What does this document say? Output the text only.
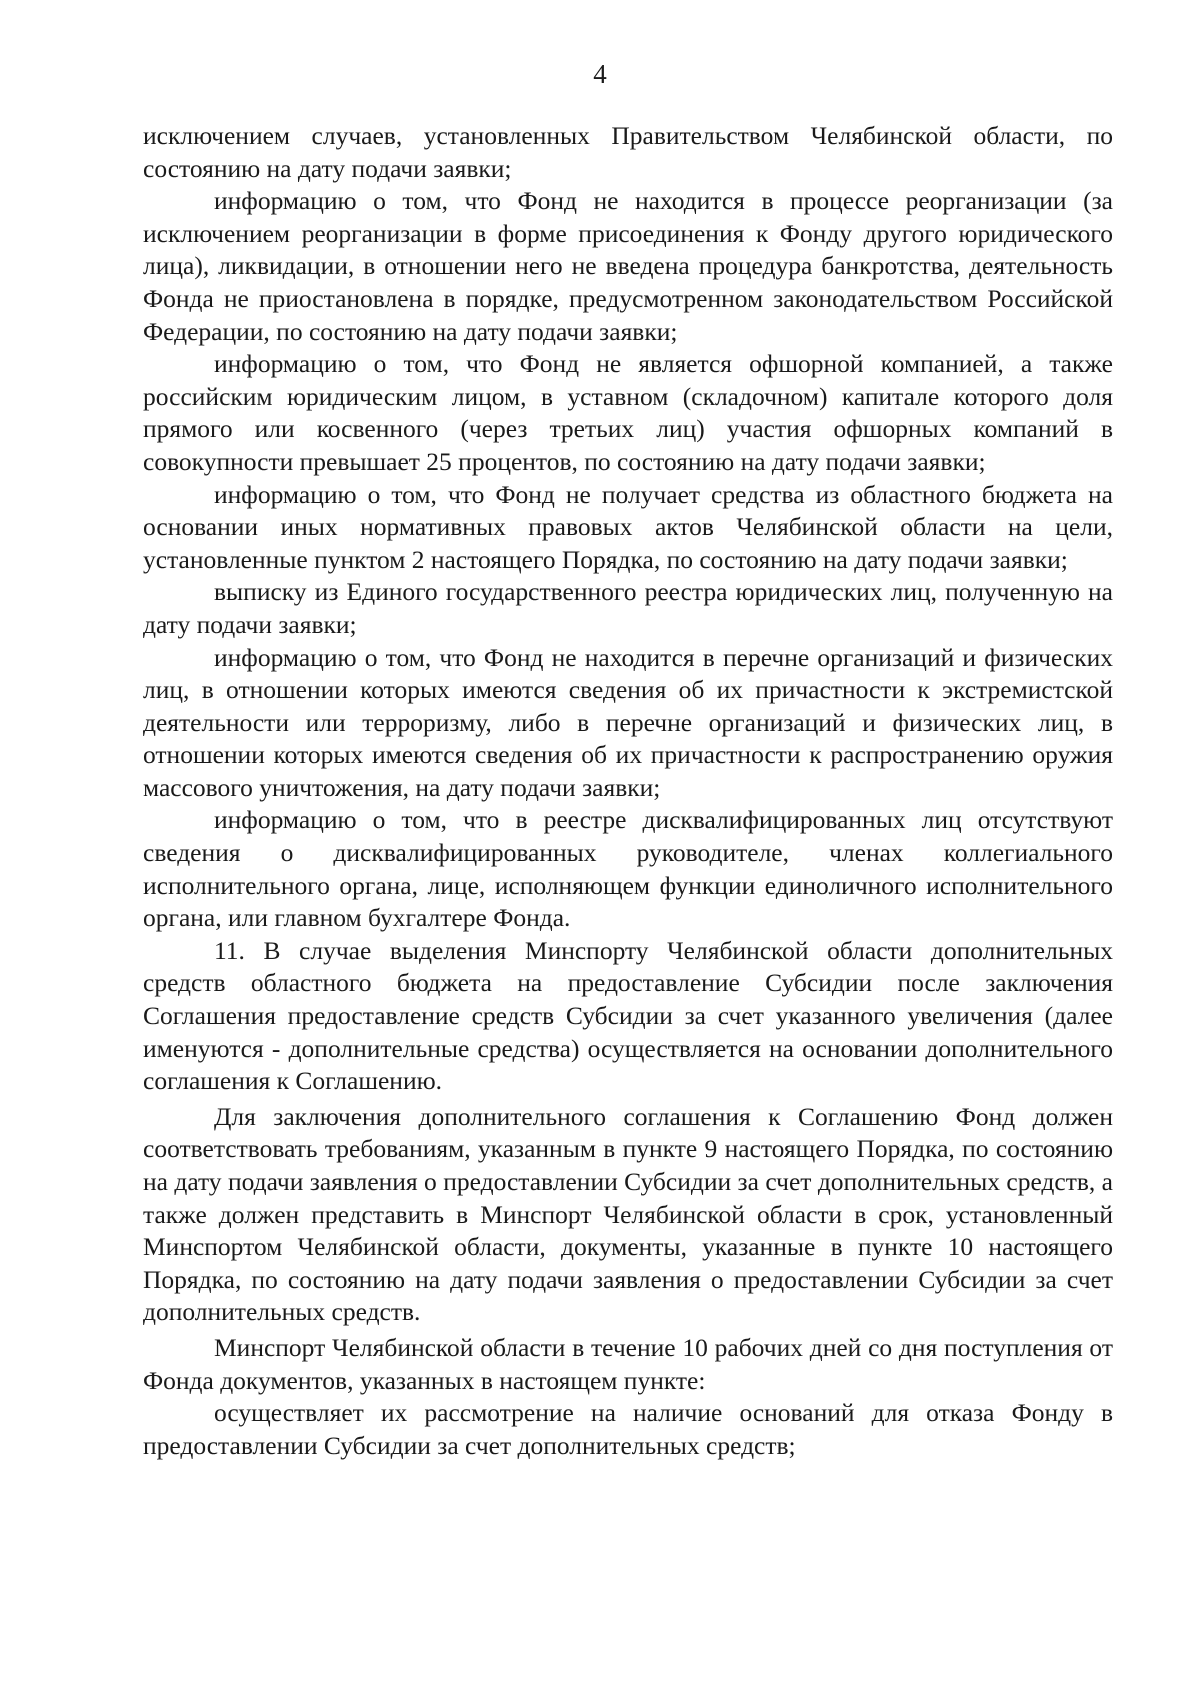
4

исключением случаев, установленных Правительством Челябинской области, по состоянию на дату подачи заявки;

информацию о том, что Фонд не находится в процессе реорганизации (за исключением реорганизации в форме присоединения к Фонду другого юридического лица), ликвидации, в отношении него не введена процедура банкротства, деятельность Фонда не приостановлена в порядке, предусмотренном законодательством Российской Федерации, по состоянию на дату подачи заявки;

информацию о том, что Фонд не является офшорной компанией, а также российским юридическим лицом, в уставном (складочном) капитале которого доля прямого или косвенного (через третьих лиц) участия офшорных компаний в совокупности превышает 25 процентов, по состоянию на дату подачи заявки;

информацию о том, что Фонд не получает средства из областного бюджета на основании иных нормативных правовых актов Челябинской области на цели, установленные пунктом 2 настоящего Порядка, по состоянию на дату подачи заявки;

выписку из Единого государственного реестра юридических лиц, полученную на дату подачи заявки;

информацию о том, что Фонд не находится в перечне организаций и физических лиц, в отношении которых имеются сведения об их причастности к экстремистской деятельности или терроризму, либо в перечне организаций и физических лиц, в отношении которых имеются сведения об их причастности к распространению оружия массового уничтожения, на дату подачи заявки;

информацию о том, что в реестре дисквалифицированных лиц отсутствуют сведения о дисквалифицированных руководителе, членах коллегиального исполнительного органа, лице, исполняющем функции единоличного исполнительного органа, или главном бухгалтере Фонда.

11. В случае выделения Минспорту Челябинской области дополнительных средств областного бюджета на предоставление Субсидии после заключения Соглашения предоставление средств Субсидии за счет указанного увеличения (далее именуются - дополнительные средства) осуществляется на основании дополнительного соглашения к Соглашению.

Для заключения дополнительного соглашения к Соглашению Фонд должен соответствовать требованиям, указанным в пункте 9 настоящего Порядка, по состоянию на дату подачи заявления о предоставлении Субсидии за счет дополнительных средств, а также должен представить в Минспорт Челябинской области в срок, установленный Минспортом Челябинской области, документы, указанные в пункте 10 настоящего Порядка, по состоянию на дату подачи заявления о предоставлении Субсидии за счет дополнительных средств.

Минспорт Челябинской области в течение 10 рабочих дней со дня поступления от Фонда документов, указанных в настоящем пункте:

осуществляет их рассмотрение на наличие оснований для отказа Фонду в предоставлении Субсидии за счет дополнительных средств;
